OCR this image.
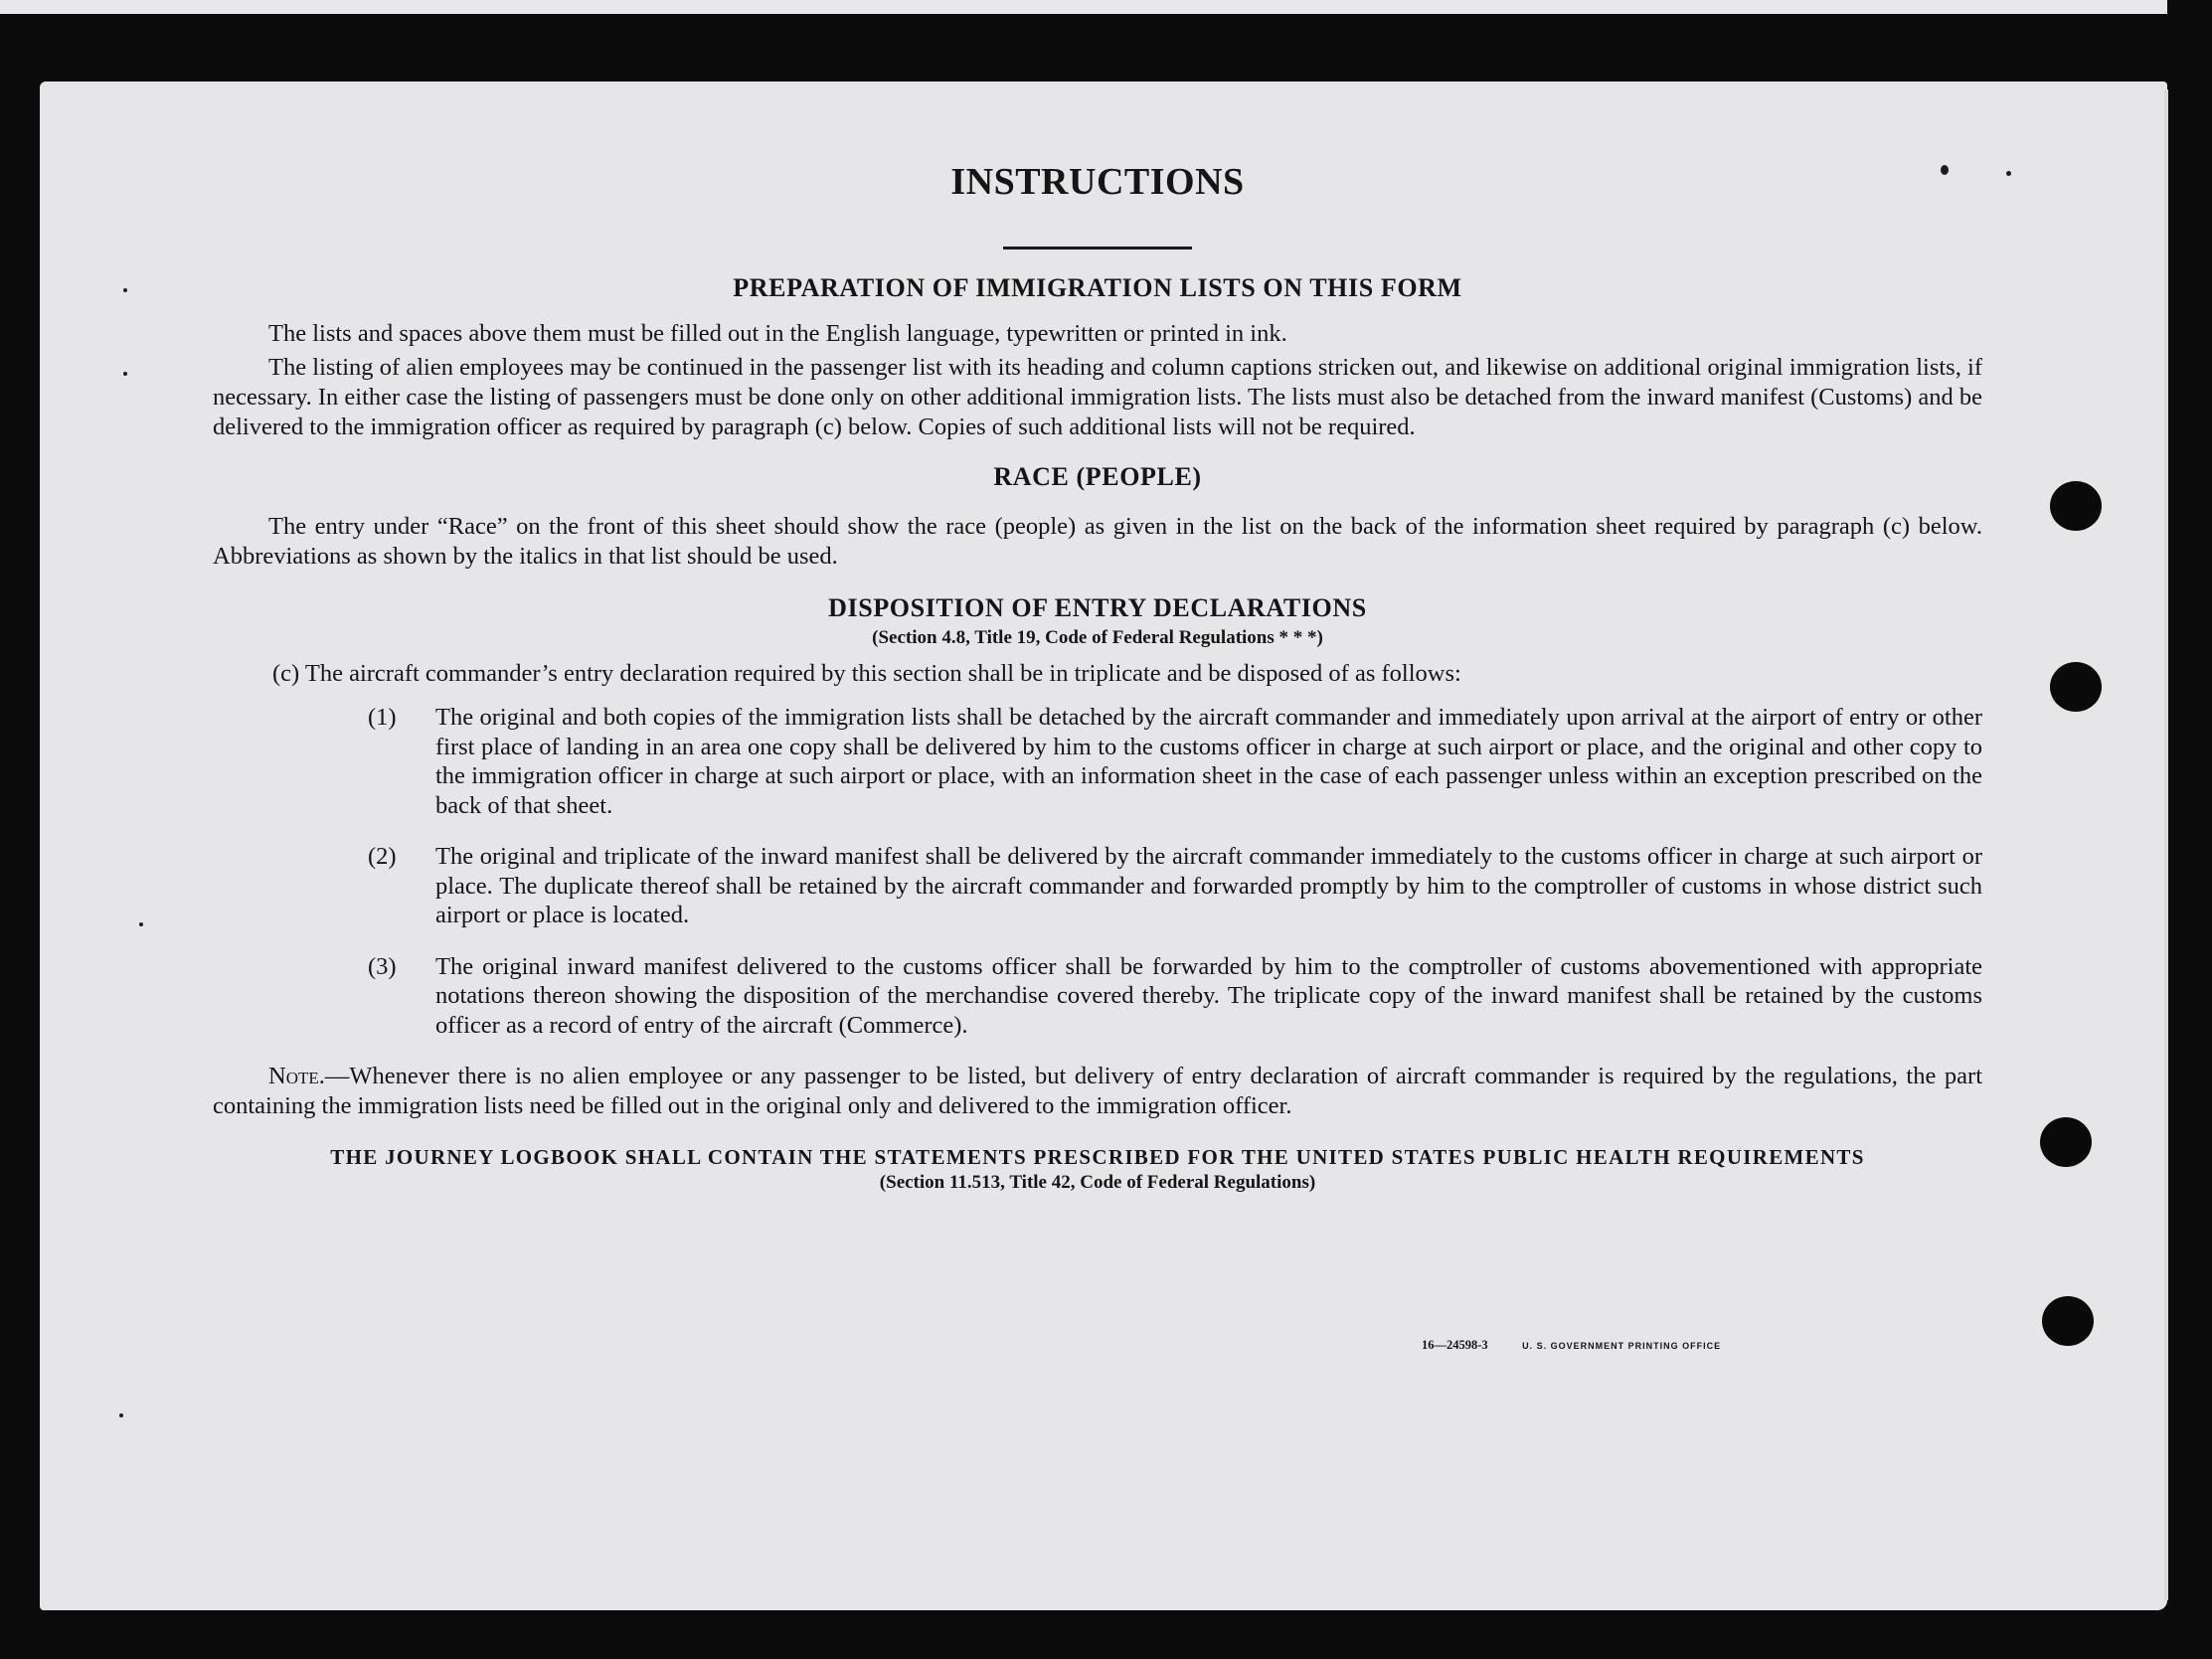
INSTRUCTIONS
PREPARATION OF IMMIGRATION LISTS ON THIS FORM

The lists and spaces above them must be filled out in the English language, typewritten or printed in ink.

The listing of alien employees may be continued in the passenger list with its heading and column captions stricken out, and likewise on additional original immigration lists, if necessary. In either case the listing of passengers must be done only on other additional immigration lists. The lists must also be detached from the inward manifest (Customs) and be delivered to the immigration officer as required by paragraph (c) below. Copies of such additional lists will not be required.

RACE (PEOPLE)

The entry under “Race” on the front of this sheet should show the race (people) as given in the list on the back of the information sheet required by paragraph (c) below. Abbreviations as shown by the italics in that list should be used.

DISPOSITION OF ENTRY DECLARATIONS
(Section 4.8, Title 19, Code of Federal Regulations * * *)

(c) The aircraft commander’s entry declaration required by this section shall be in triplicate and be disposed of as follows:

(1) The original and both copies of the immigration lists shall be detached by the aircraft commander and immediately upon arrival at the airport of entry or other first place of landing in an area one copy shall be delivered by him to the customs officer in charge at such airport or place, and the original and other copy to the immigration officer in charge at such airport or place, with an information sheet in the case of each passenger unless within an exception prescribed on the back of that sheet.
(2) The original and triplicate of the inward manifest shall be delivered by the aircraft commander immediately to the customs officer in charge at such airport or place. The duplicate thereof shall be retained by the aircraft commander and forwarded promptly by him to the comptroller of customs in whose district such airport or place is located.
(3) The original inward manifest delivered to the customs officer shall be forwarded by him to the comptroller of customs abovementioned with appropriate notations thereon showing the disposition of the merchandise covered thereby. The triplicate copy of the inward manifest shall be retained by the customs officer as a record of entry of the aircraft (Commerce).

Note.—Whenever there is no alien employee or any passenger to be listed, but delivery of entry declaration of aircraft commander is required by the regulations, the part containing the immigration lists need be filled out in the original only and delivered to the immigration officer.

THE JOURNEY LOGBOOK SHALL CONTAIN THE STATEMENTS PRESCRIBED FOR THE UNITED STATES PUBLIC HEALTH REQUIREMENTS
(Section 11.513, Title 42, Code of Federal Regulations)
16—24598-3	U. S. GOVERNMENT PRINTING OFFICE
